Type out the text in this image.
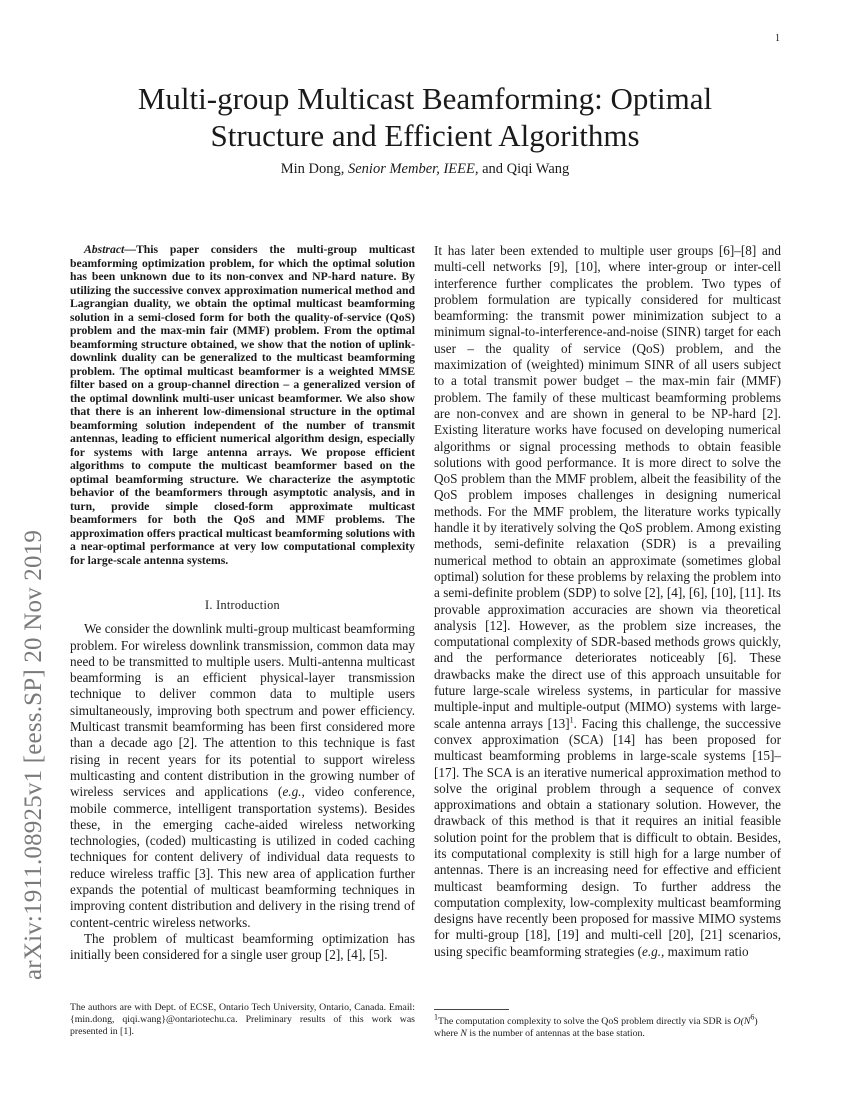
1
arXiv:1911.08925v1 [eess.SP] 20 Nov 2019
Multi-group Multicast Beamforming: Optimal
Structure and Efficient Algorithms
Min Dong, Senior Member, IEEE, and Qiqi Wang

Abstract—This paper considers the multi-group multicast beamforming optimization problem, for which the optimal solution has been unknown due to its non-convex and NP-hard nature. By utilizing the successive convex approximation numerical method and Lagrangian duality, we obtain the optimal multicast beamforming solution in a semi-closed form for both the quality-of-service (QoS) problem and the max-min fair (MMF) problem. From the optimal beamforming structure obtained, we show that the notion of uplink-downlink duality can be generalized to the multicast beamforming problem. The optimal multicast beamformer is a weighted MMSE filter based on a group-channel direction – a generalized version of the optimal downlink multi-user unicast beamformer. We also show that there is an inherent low-dimensional structure in the optimal beamforming solution independent of the number of transmit antennas, leading to efficient numerical algorithm design, especially for systems with large antenna arrays. We propose efficient algorithms to compute the multicast beamformer based on the optimal beamforming structure. We characterize the asymptotic behavior of the beamformers through asymptotic analysis, and in turn, provide simple closed-form approximate multicast beamformers for both the QoS and MMF problems. The approximation offers practical multicast beamforming solutions with a near-optimal performance at very low computational complexity for large-scale antenna systems.

I. Introduction

We consider the downlink multi-group multicast beamforming problem. For wireless downlink transmission, common data may need to be transmitted to multiple users. Multi-antenna multicast beamforming is an efficient physical-layer transmission technique to deliver common data to multiple users simultaneously, improving both spectrum and power efficiency. Multicast transmit beamforming has been first considered more than a decade ago [2]. The attention to this technique is fast rising in recent years for its potential to support wireless multicasting and content distribution in the growing number of wireless services and applications (e.g., video conference, mobile commerce, intelligent transportation systems). Besides these, in the emerging cache-aided wireless networking technologies, (coded) multicasting is utilized in coded caching techniques for content delivery of individual data requests to reduce wireless traffic [3]. This new area of application further expands the potential of multicast beamforming techniques in improving content distribution and delivery in the rising trend of content-centric wireless networks.

The problem of multicast beamforming optimization has initially been considered for a single user group [2], [4], [5].

It has later been extended to multiple user groups [6]–[8] and multi-cell networks [9], [10], where inter-group or inter-cell interference further complicates the problem. Two types of problem formulation are typically considered for multicast beamforming: the transmit power minimization subject to a minimum signal-to-interference-and-noise (SINR) target for each user – the quality of service (QoS) problem, and the maximization of (weighted) minimum SINR of all users subject to a total transmit power budget – the max-min fair (MMF) problem. The family of these multicast beamforming problems are non-convex and are shown in general to be NP-hard [2]. Existing literature works have focused on developing numerical algorithms or signal processing methods to obtain feasible solutions with good performance. It is more direct to solve the QoS problem than the MMF problem, albeit the feasibility of the QoS problem imposes challenges in designing numerical methods. For the MMF problem, the literature works typically handle it by iteratively solving the QoS problem. Among existing methods, semi-definite relaxation (SDR) is a prevailing numerical method to obtain an approximate (sometimes global optimal) solution for these problems by relaxing the problem into a semi-definite problem (SDP) to solve [2], [4], [6], [10], [11]. Its provable approximation accuracies are shown via theoretical analysis [12]. However, as the problem size increases, the computational complexity of SDR-based methods grows quickly, and the performance deteriorates noticeably [6]. These drawbacks make the direct use of this approach unsuitable for future large-scale wireless systems, in particular for massive multiple-input and multiple-output (MIMO) systems with large-scale antenna arrays $[13]^1$. Facing this challenge, the successive convex approximation (SCA) [14] has been proposed for multicast beamforming problems in large-scale systems [15]–[17]. The SCA is an iterative numerical approximation method to solve the original problem through a sequence of convex approximations and obtain a stationary solution. However, the drawback of this method is that it requires an initial feasible solution point for the problem that is difficult to obtain. Besides, its computational complexity is still high for a large number of antennas. There is an increasing need for effective and efficient multicast beamforming design. To further address the computation complexity, low-complexity multicast beamforming designs have recently been proposed for massive MIMO systems for multi-group [18], [19] and multi-cell [20], [21] scenarios, using specific beamforming strategies (e.g., maximum ratio

The authors are with Dept. of ECSE, Ontario Tech University, Ontario, Canada. Email: {min.dong, qiqi.wang}@ontariotechu.ca. Preliminary results of this work was presented in [1].
$^1$The computation complexity to solve the QoS problem directly via SDR is $O(N^6)$ where N is the number of antennas at the base station.
